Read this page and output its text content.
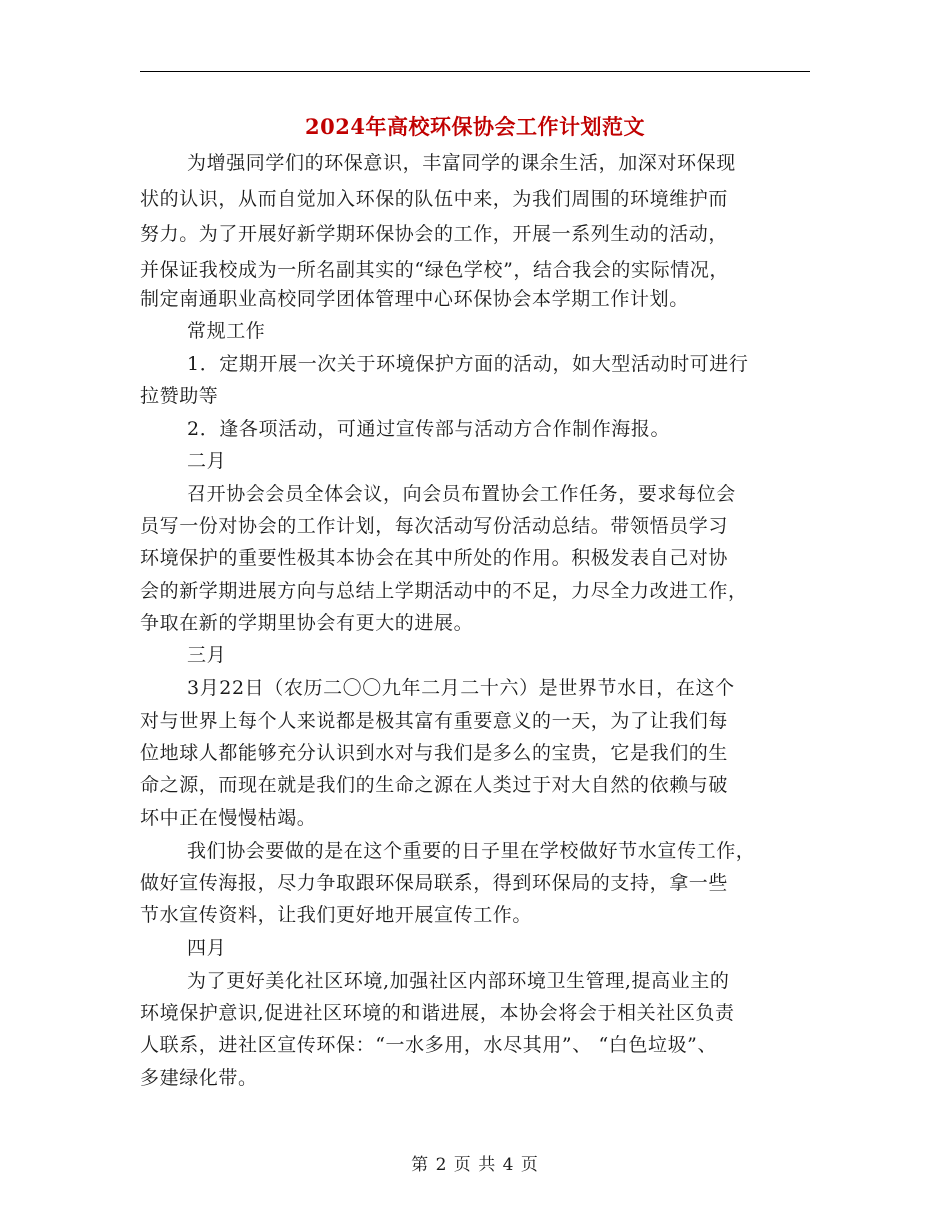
2024年高校环保协会工作计划范文
为增强同学们的环保意识，丰富同学的课余生活，加深对环保现
状的认识，从而自觉加入环保的队伍中来，为我们周围的环境维护而
努力。为了开展好新学期环保协会的工作，开展一系列生动的活动，
并保证我校成为一所名副其实的“绿色学校”，结合我会的实际情况，
制定南通职业高校同学团体管理中心环保协会本学期工作计划。
常规工作
1．定期开展一次关于环境保护方面的活动，如大型活动时可进行
拉赞助等
2．逢各项活动，可通过宣传部与活动方合作制作海报。
二月
召开协会会员全体会议，向会员布置协会工作任务，要求每位会
员写一份对协会的工作计划，每次活动写份活动总结。带领悟员学习
环境保护的重要性极其本协会在其中所处的作用。积极发表自己对协
会的新学期进展方向与总结上学期活动中的不足，力尽全力改进工作，
争取在新的学期里协会有更大的进展。
三月
3月22日（农历二〇〇九年二月二十六）是世界节水日，在这个
对与世界上每个人来说都是极其富有重要意义的一天，为了让我们每
位地球人都能够充分认识到水对与我们是多么的宝贵，它是我们的生
命之源，而现在就是我们的生命之源在人类过于对大自然的依赖与破
坏中正在慢慢枯竭。
我们协会要做的是在这个重要的日子里在学校做好节水宣传工作，
做好宣传海报，尽力争取跟环保局联系，得到环保局的支持，拿一些
节水宣传资料，让我们更好地开展宣传工作。
四月
为了更好美化社区环境,加强社区内部环境卫生管理,提高业主的
环境保护意识,促进社区环境的和谐进展，本协会将会于相关社区负责
人联系，进社区宣传环保：“一水多用，水尽其用”、 “白色垃圾”、
多建绿化带。
第 2 页 共 4 页
